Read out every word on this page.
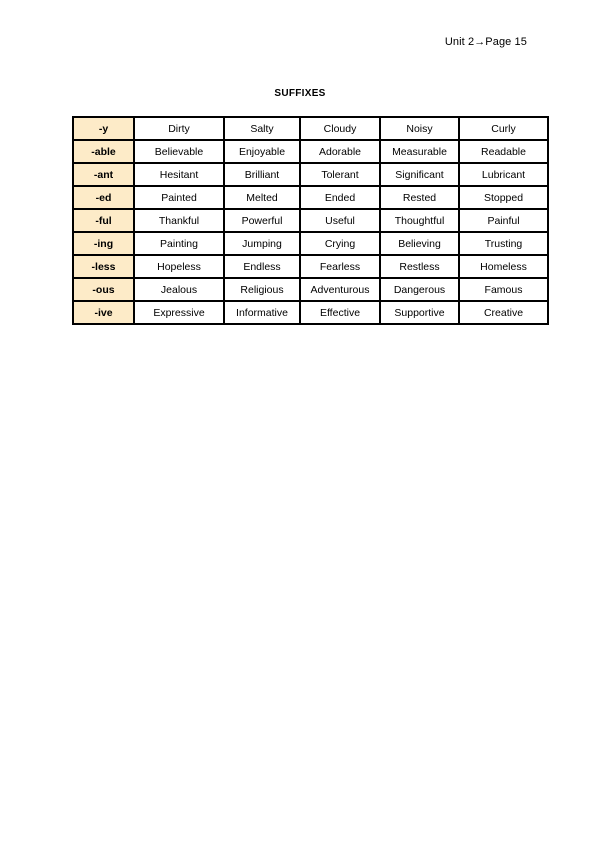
Unit 2→Page 15
SUFFIXES
-y	Dirty	Salty	Cloudy	Noisy	Curly
-able	Believable	Enjoyable	Adorable	Measurable	Readable
-ant	Hesitant	Brilliant	Tolerant	Significant	Lubricant
-ed	Painted	Melted	Ended	Rested	Stopped
-ful	Thankful	Powerful	Useful	Thoughtful	Painful
-ing	Painting	Jumping	Crying	Believing	Trusting
-less	Hopeless	Endless	Fearless	Restless	Homeless
-ous	Jealous	Religious	Adventurous	Dangerous	Famous
-ive	Expressive	Informative	Effective	Supportive	Creative
